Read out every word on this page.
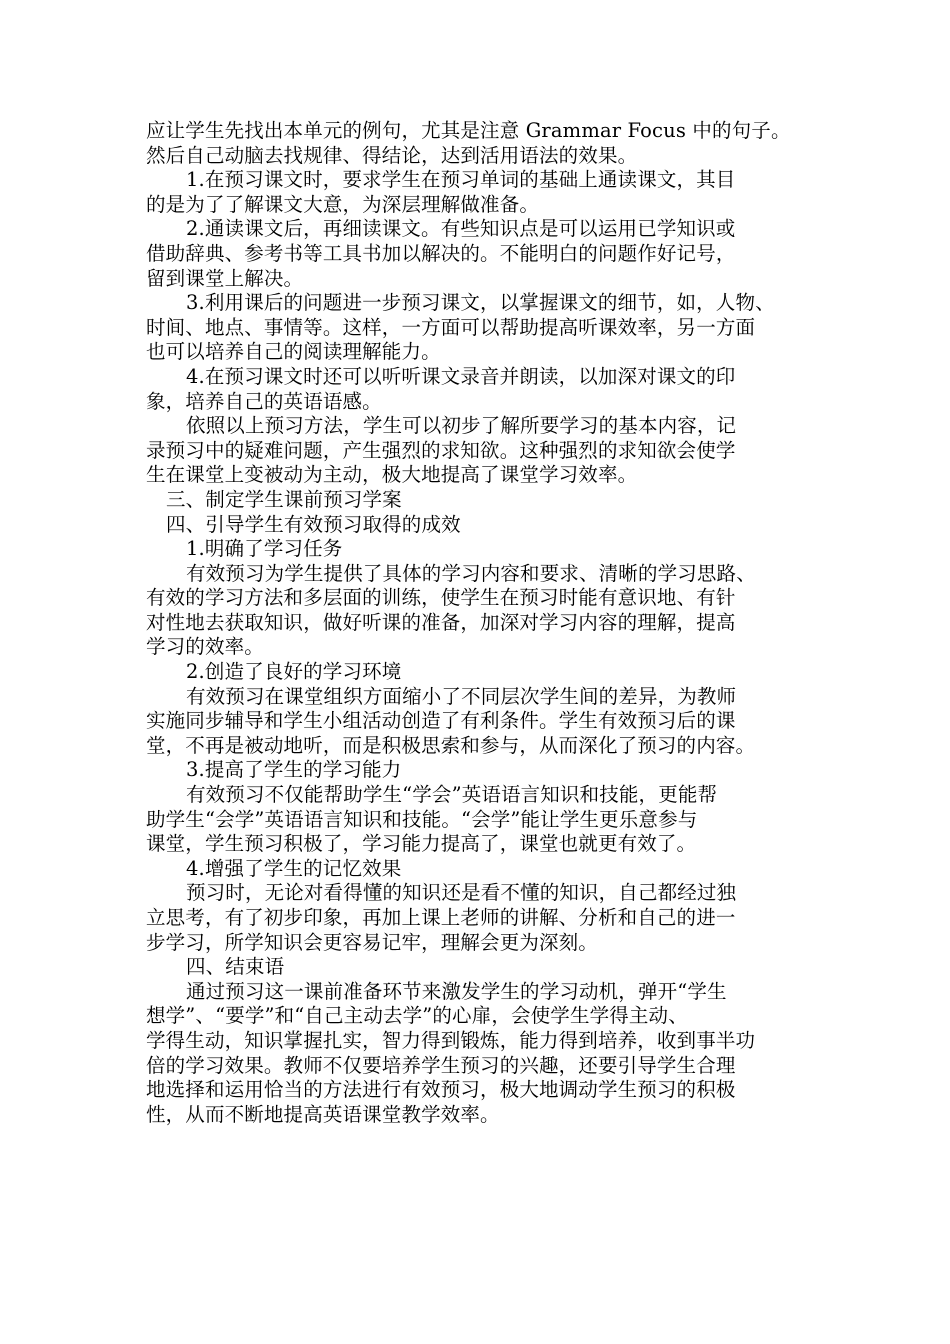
应让学生先找出本单元的例句，尤其是注意 Grammar Focus 中的句子。
然后自己动脑去找规律、得结论，达到活用语法的效果。
1.在预习课文时，要求学生在预习单词的基础上通读课文，其目
的是为了了解课文大意，为深层理解做准备。
2.通读课文后，再细读课文。有些知识点是可以运用已学知识或
借助辞典、参考书等工具书加以解决的。不能明白的问题作好记号，
留到课堂上解决。
3.利用课后的问题进一步预习课文，以掌握课文的细节，如，人物、
时间、地点、事情等。这样，一方面可以帮助提高听课效率，另一方面
也可以培养自己的阅读理解能力。
4.在预习课文时还可以听听课文录音并朗读，以加深对课文的印
象，培养自己的英语语感。
依照以上预习方法，学生可以初步了解所要学习的基本内容，记
录预习中的疑难问题，产生强烈的求知欲。这种强烈的求知欲会使学
生在课堂上变被动为主动，极大地提高了课堂学习效率。
三、制定学生课前预习学案
四、引导学生有效预习取得的成效
1.明确了学习任务
有效预习为学生提供了具体的学习内容和要求、清晰的学习思路、
有效的学习方法和多层面的训练，使学生在预习时能有意识地、有针
对性地去获取知识，做好听课的准备，加深对学习内容的理解，提高
学习的效率。
2.创造了良好的学习环境
有效预习在课堂组织方面缩小了不同层次学生间的差异，为教师
实施同步辅导和学生小组活动创造了有利条件。学生有效预习后的课
堂，不再是被动地听，而是积极思索和参与，从而深化了预习的内容。
3.提高了学生的学习能力
有效预习不仅能帮助学生“学会”英语语言知识和技能，更能帮
助学生“会学”英语语言知识和技能。“会学”能让学生更乐意参与
课堂，学生预习积极了，学习能力提高了，课堂也就更有效了。
4.增强了学生的记忆效果
预习时，无论对看得懂的知识还是看不懂的知识，自己都经过独
立思考，有了初步印象，再加上课上老师的讲解、分析和自己的进一
步学习，所学知识会更容易记牢，理解会更为深刻。
四、结束语
通过预习这一课前准备环节来激发学生的学习动机，弹开“学生
想学”、“要学”和“自己主动去学”的心扉，会使学生学得主动、
学得生动，知识掌握扎实，智力得到锻炼，能力得到培养，收到事半功
倍的学习效果。教师不仅要培养学生预习的兴趣，还要引导学生合理
地选择和运用恰当的方法进行有效预习，极大地调动学生预习的积极
性，从而不断地提高英语课堂教学效率。
